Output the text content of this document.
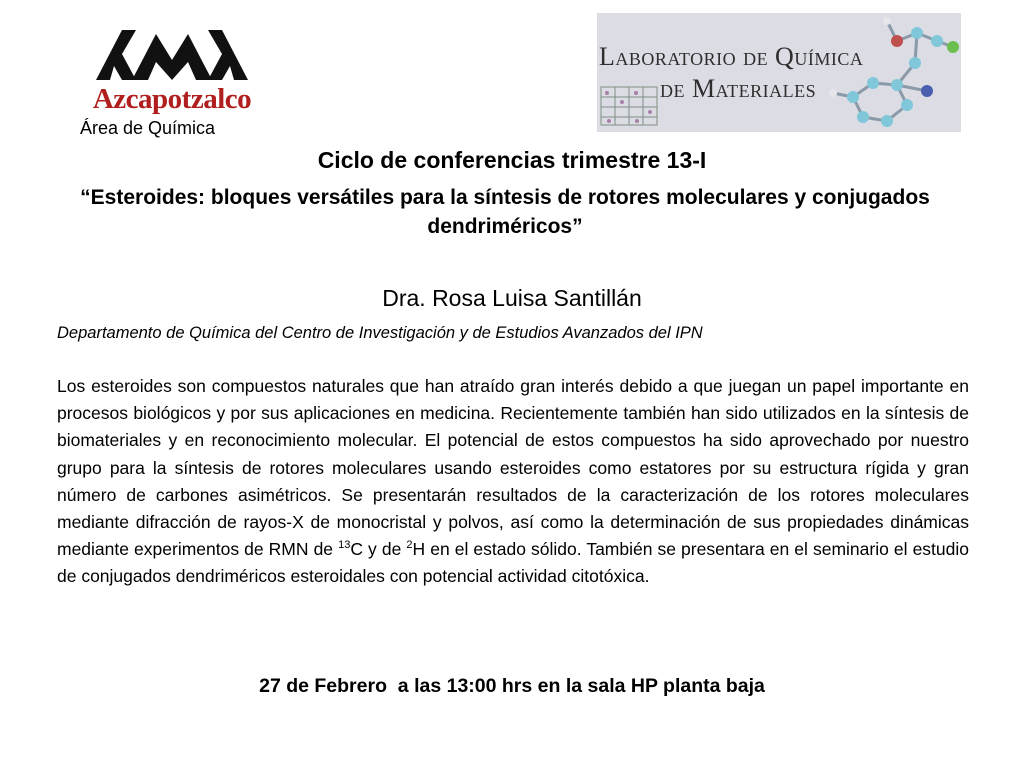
Azcapotzalco
Área de Química
Laboratorio de Química
de Materiales
Ciclo de conferencias trimestre 13-I
“Esteroides: bloques versátiles para la síntesis de rotores moleculares y conjugados dendriméricos”
Dra. Rosa Luisa Santillán
Departamento de Química del Centro de Investigación y de Estudios Avanzados del IPN

Los esteroides son compuestos naturales que han atraído gran interés debido a que juegan un papel importante en procesos biológicos y por sus aplicaciones en medicina. Recientemente también han sido utilizados en la síntesis de biomateriales y en reconocimiento molecular. El potencial de estos compuestos ha sido aprovechado por nuestro grupo para la síntesis de rotores moleculares usando esteroides como estatores por su estructura rígida y gran número de carbones asimétricos. Se presentarán resultados de la caracterización de los rotores moleculares mediante difracción de rayos-X de monocristal y polvos, así como la determinación de sus propiedades dinámicas mediante experimentos de RMN de $^{13}$C y de $^2$H en el estado sólido. También se presentara en el seminario el estudio de conjugados dendriméricos esteroidales con potencial actividad citotóxica.

27 de Febrero  a las 13:00 hrs en la sala HP planta baja
